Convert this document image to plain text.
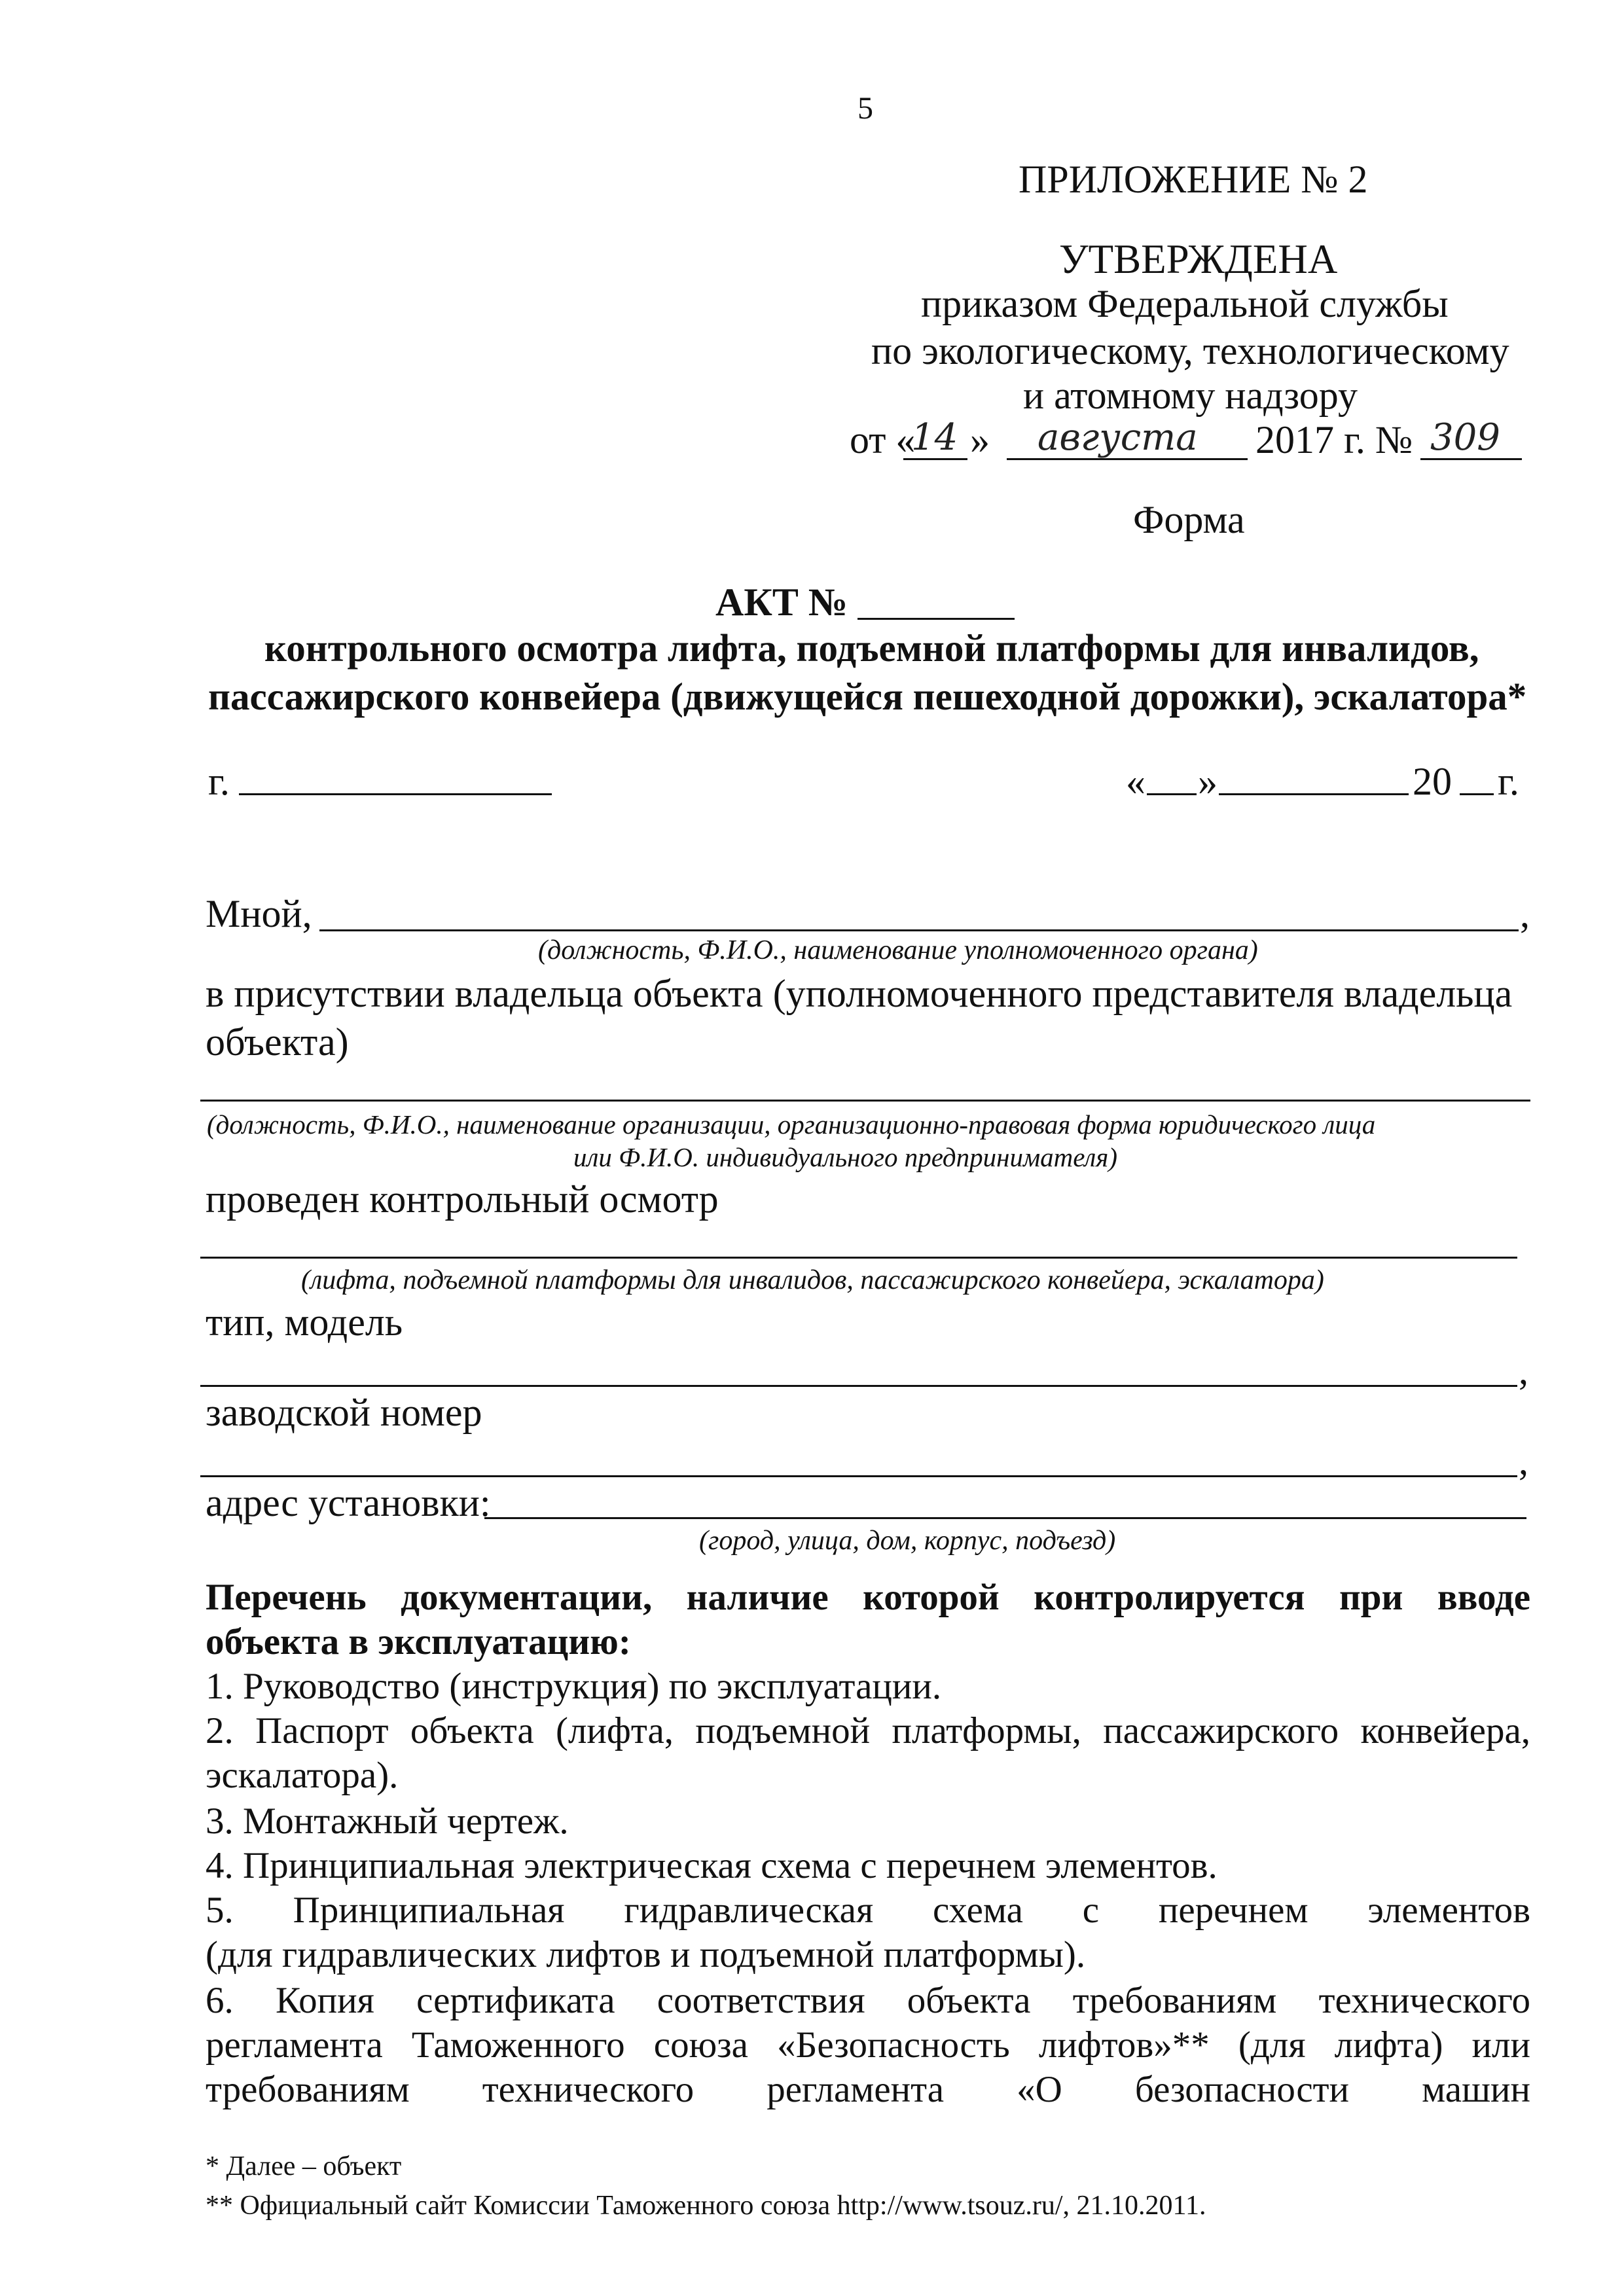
5
ПРИЛОЖЕНИЕ № 2
УТВЕРЖДЕНА
приказом Федеральной службы
по экологическому, технологическому
и атомному надзору
от «
14 » августа 2017 г. № 309
Форма
АКТ №
контрольного осмотра лифта, подъемной платформы для инвалидов,
пассажирского конвейера (движущейся пешеходной дорожки), эскалатора*
г.	« »	20 г.
Мной,	,
(должность, Ф.И.О., наименование уполномоченного органа)
в присутствии владельца объекта (уполномоченного представителя владельца
объекта)
(должность, Ф.И.О., наименование организации, организационно-правовая форма юридического лица
или Ф.И.О. индивидуального предпринимателя)
проведен контрольный осмотр
(лифта, подъемной платформы для инвалидов, пассажирского конвейера, эскалатора)
тип, модель
,
заводской номер
,
адрес установки:
(город, улица, дом, корпус, подъезд)
Перечень документации, наличие которой контролируется при вводе
объекта в эксплуатацию:
1. Руководство (инструкция) по эксплуатации.
2. Паспорт объекта (лифта, подъемной платформы, пассажирского конвейера,
эскалатора).
3. Монтажный чертеж.
4. Принципиальная электрическая схема с перечнем элементов.
5. Принципиальная гидравлическая схема с перечнем элементов
(для гидравлических лифтов и подъемной платформы).
6. Копия сертификата соответствия объекта требованиям технического
регламента Таможенного союза «Безопасность лифтов»** (для лифта) или
требованиям технического регламента «О безопасности машин
* Далее – объект
** Официальный сайт Комиссии Таможенного союза http://www.tsouz.ru/, 21.10.2011.
